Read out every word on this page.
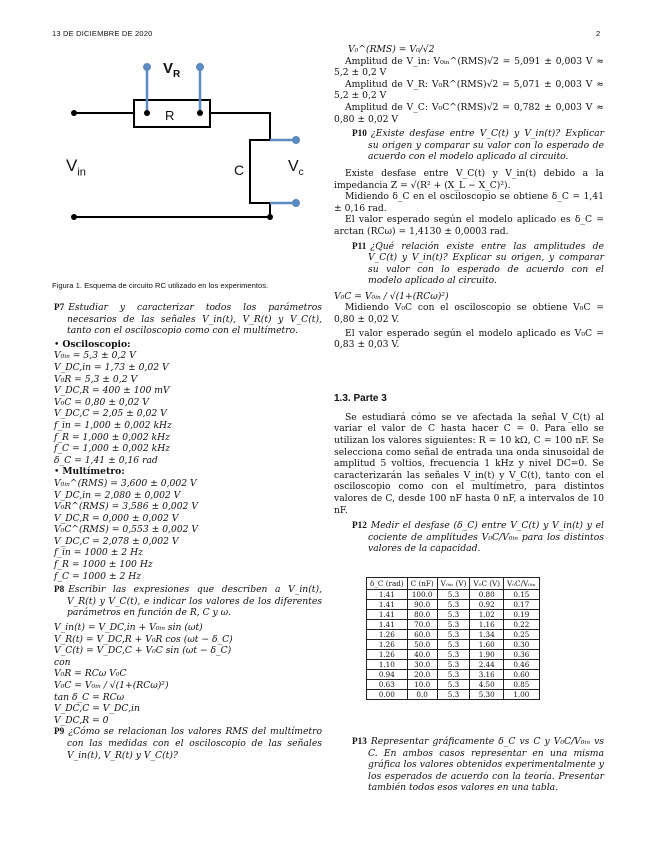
13 DE DICIEMBRE DE 2020	2
$V_R$
R
$V_{in}$	C	$V_c$
Figura 1. Esquema de circuito RC utilizado en los experimentos.
P7 Estudiar y caracterizar todos los parámetros necesarios de las señales V_in(t), V_R(t) y V_C(t), tanto con el osciloscopio como con el multímetro.
• Osciloscopio:
V₀ᵢₙ = 5,3 ± 0,2 V
V_DC,in = 1,73 ± 0,02 V
V₀R = 5,3 ± 0,2 V
V_DC,R = 400 ± 100 mV
V₀C = 0,80 ± 0,02 V
V_DC,C = 2,05 ± 0,02 V
f_in = 1,000 ± 0,002 kHz
f_R = 1,000 ± 0,002 kHz
f_C = 1,000 ± 0,002 kHz
δ_C = 1,41 ± 0,16 rad
• Multímetro:
V₀ᵢₙ^(RMS) = 3,600 ± 0,002 V
V_DC,in = 2,080 ± 0,002 V
V₀R^(RMS) = 3,586 ± 0,002 V
V_DC,R = 0,000 ± 0,002 V
V₀C^(RMS) = 0,553 ± 0,002 V
V_DC,C = 2,078 ± 0,002 V
f_in = 1000 ± 2 Hz
f_R = 1000 ± 100 Hz
f_C = 1000 ± 2 Hz
P8 Escribir las expresiones que describen a V_in(t), V_R(t) y V_C(t), e indicar los valores de los diferentes parámetros en función de R, C y ω.
V_in(t) = V_DC,in + V₀ᵢₙ sin (ωt)
V_R(t) = V_DC,R + V₀R cos (ωt − δ_C)
V_C(t) = V_DC,C + V₀C sin (ωt − δ_C)
con
V₀R = RCω V₀C
V₀C = V₀ᵢₙ / √(1+(RCω)²)
tan δ_C = RCω
V_DC,C = V_DC,in
V_DC,R = 0
P9 ¿Cómo se relacionan los valores RMS del multímetro con las medidas con el osciloscopio de las señales V_in(t), V_R(t) y V_C(t)?
V₀^(RMS) = V₀/√2
Amplitud de V_in: V₀ᵢₙ^(RMS)√2 = 5,091 ± 0,003 V ≈ 5,2 ± 0,2 V
Amplitud de V_R: V₀R^(RMS)√2 = 5,071 ± 0,003 V ≈ 5,2 ± 0,2 V
Amplitud de V_C: V₀C^(RMS)√2 = 0,782 ± 0,003 V ≈ 0,80 ± 0,02 V
P10 ¿Existe desfase entre V_C(t) y V_in(t)? Explicar su origen y comparar su valor con lo esperado de acuerdo con el modelo aplicado al circuito.

Existe desfase entre V_C(t) y V_in(t) debido a la impedancia Z = √(R² + (X_L − X_C)²).

Midiendo δ_C en el osciloscopio se obtiene δ_C = 1,41 ± 0,16 rad.

El valor esperado según el modelo aplicado es δ_C = arctan (RCω) = 1,4130 ± 0,0003 rad.

P11 ¿Qué relación existe entre las amplitudes de V_C(t) y V_in(t)? Explicar su origen, y comparar su valor con lo esperado de acuerdo con el modelo aplicado al circuito.
V₀C = V₀ᵢₙ / √(1+(RCω)²)

Midiendo V₀C con el osciloscopio se obtiene V₀C = 0,80 ± 0,02 V.

El valor esperado según el modelo aplicado es V₀C = 0,83 ± 0,03 V.

1.3. Parte 3

Se estudiará cómo se ve afectada la señal V_C(t) al variar el valor de C hasta hacer C = 0. Para ello se utilizan los valores siguientes: R = 10 kΩ, C = 100 nF. Se selecciona como señal de entrada una onda sinusoidal de amplitud 5 voltios, frecuencia 1 kHz y nivel DC=0. Se caracterizarán las señales V_in(t) y V_C(t), tanto con el osciloscopio como con el multímetro, para distintos valores de C, desde 100 nF hasta 0 nF, a intervalos de 10 nF.

P12 Medir el desfase (δ_C) entre V_C(t) y V_in(t) y el cociente de amplitudes V₀C/V₀ᵢₙ para los distintos valores de la capacidad.
δ_C (rad)	C (nF)	V₀ᵢₙ (V)	V₀C (V)	V₀C/V₀ᵢₙ
1.41	100.0	5.3	0.80	0.15
1.41	90.0	5.3	0.92	0.17
1.41	80.0	5.3	1.02	0.19
1.41	70.0	5.3	1.16	0.22
1.26	60.0	5.3	1.34	0.25
1.26	50.0	5.3	1.60	0.30
1.26	40.0	5.3	1.90	0.36
1.10	30.0	5.3	2.44	0.46
0.94	20.0	5.3	3.16	0.60
0.63	10.0	5.3	4.50	0.85
0.00	0.0	5.3	5.30	1.00
P13 Representar gráficamente δ_C vs C y V₀C/V₀ᵢₙ vs C. En ambos casos representar en una misma gráfica los valores obtenidos experimentalmente y los esperados de acuerdo con la teoría. Presentar también todos esos valores en una tabla.
